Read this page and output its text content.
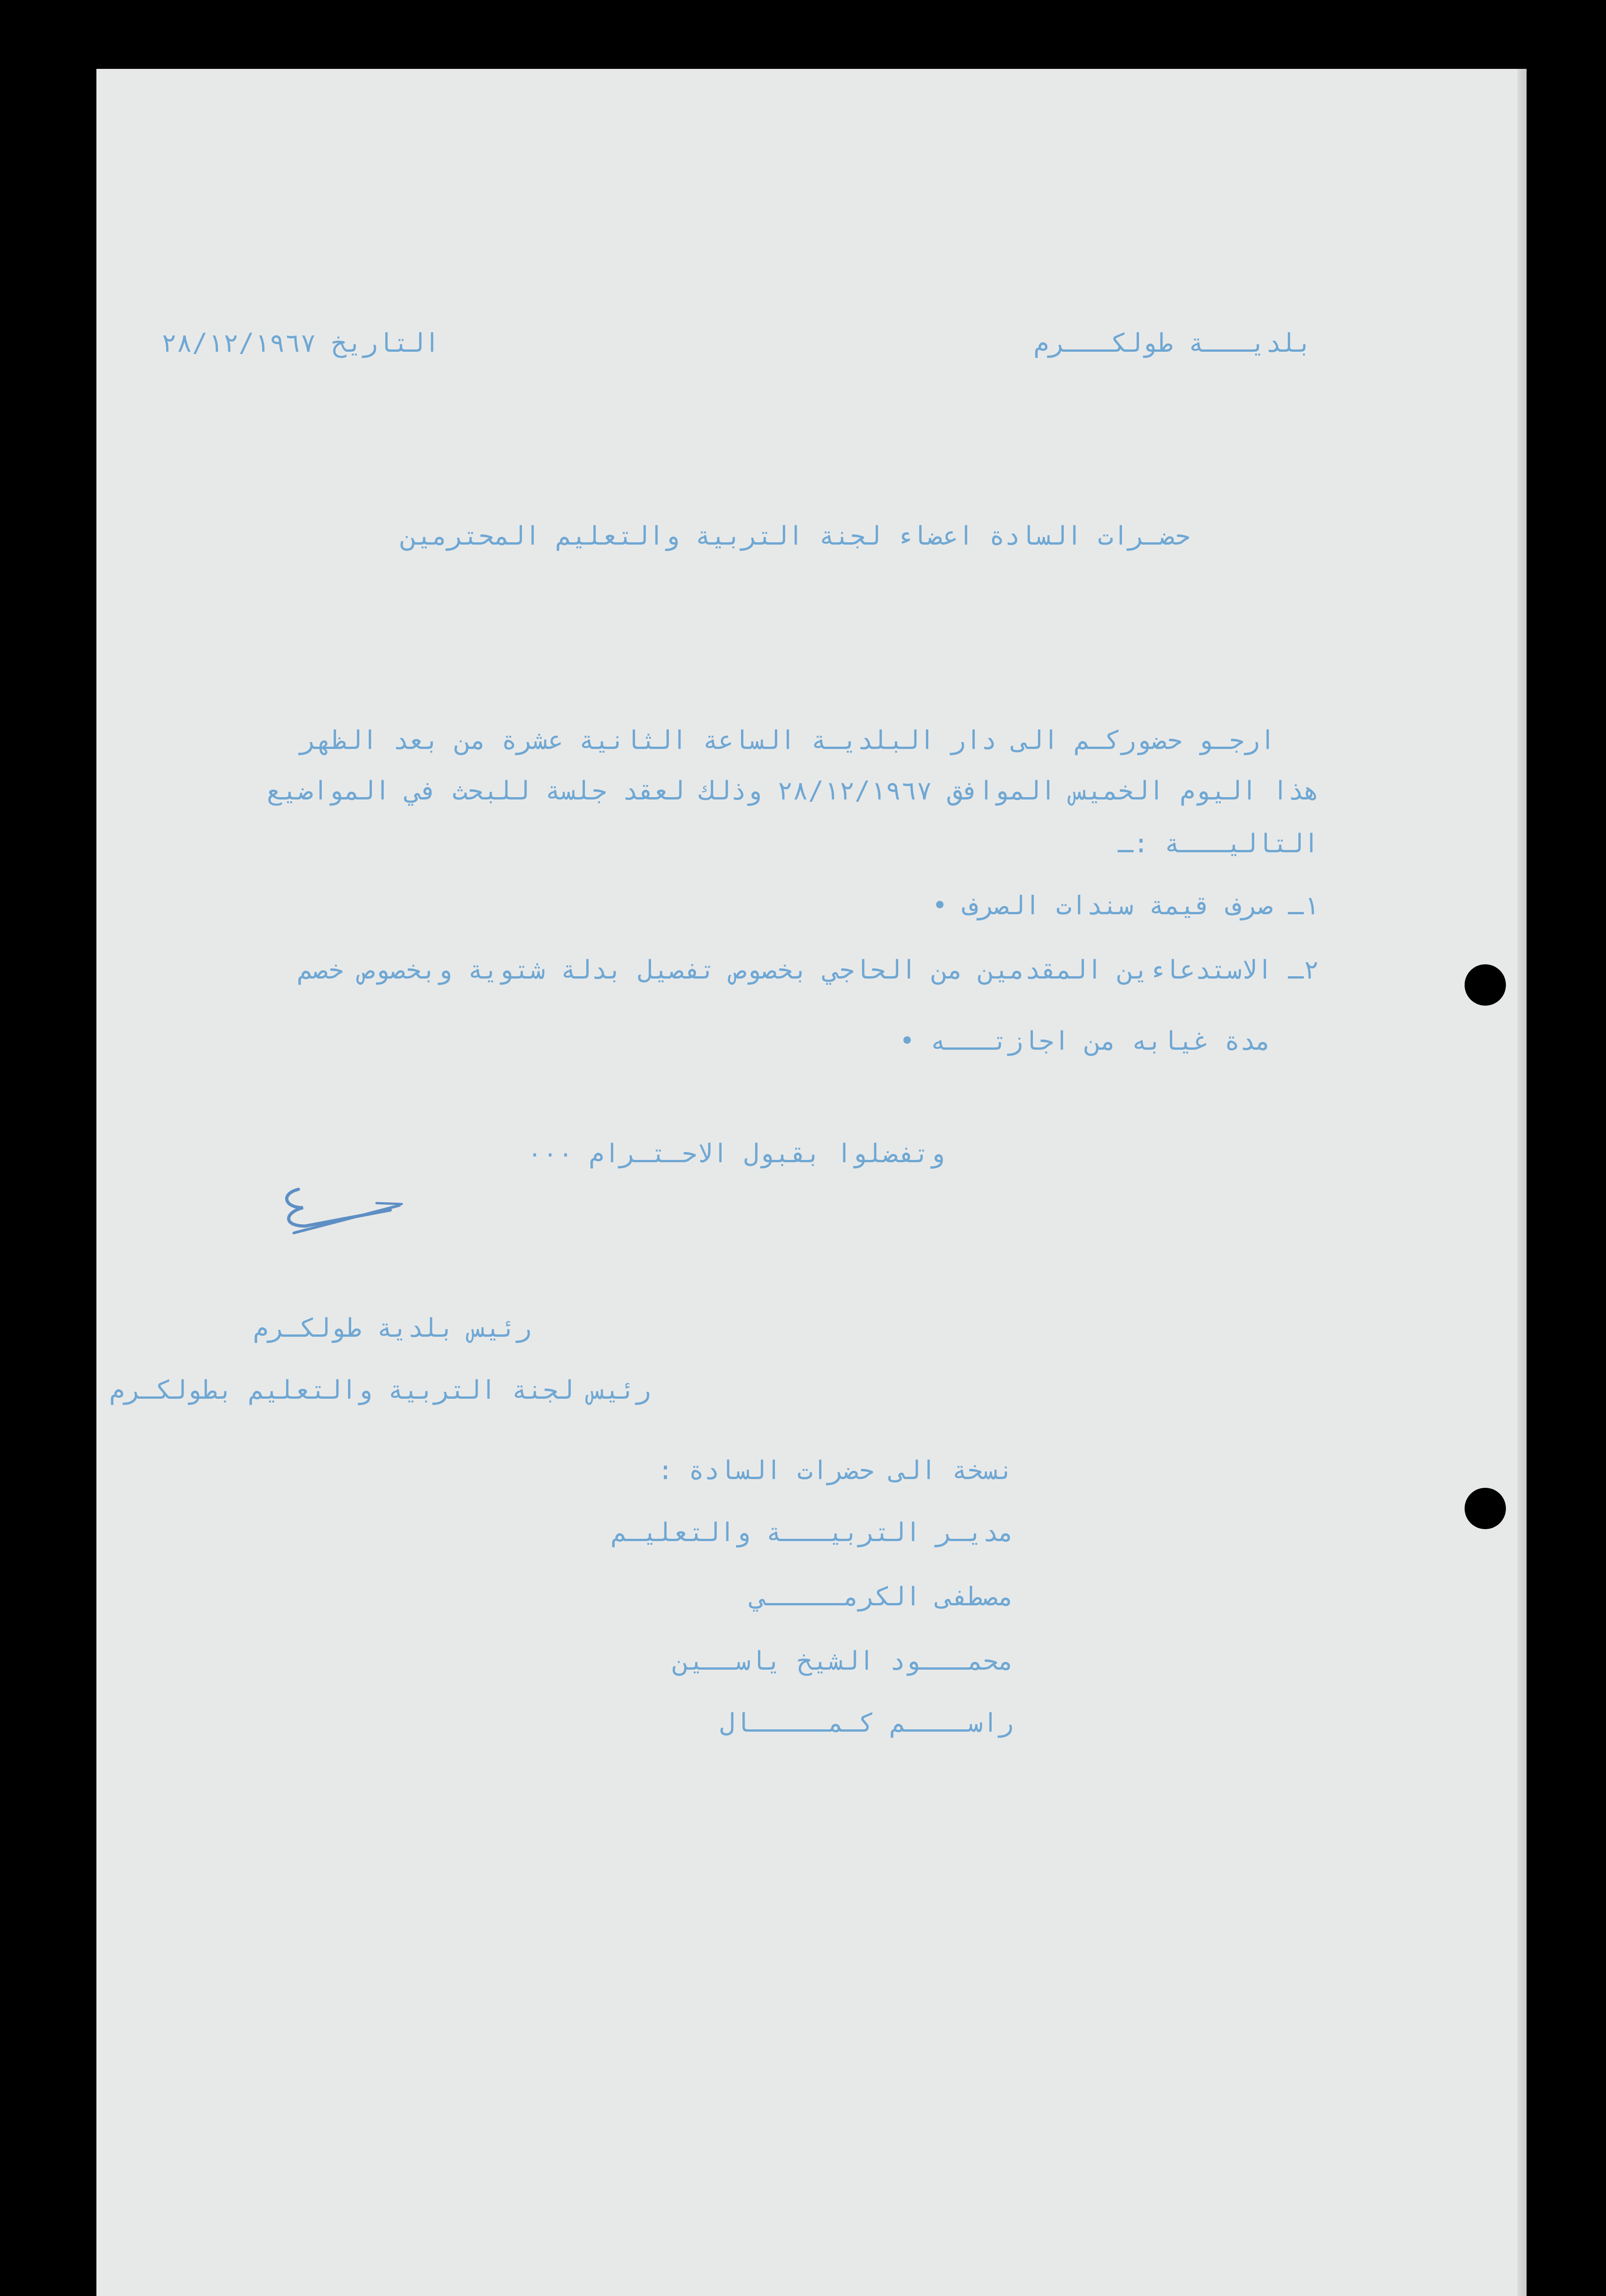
بلديـــة طولكـــرم
التاريخ ٢٨/١٢/١٩٦٧
حضـرات السادة اعضاء لجنة التربية والتعليم المحترمين
ارجـو حضوركـم الى دار البلديـة الساعة الثانية عشرة من بعد الظهر
هذا اليوم الخميس الموافق ٢٨/١٢/١٩٦٧ وذلك لعقد جلسة للبحث في المواضيع
التاليـــة :ـ
١ـ صرف قيمة سندات الصرف •
٢ـ الاستدعاءين المقدمين من الحاجي بخصوص تفصيل بدلة شتوية وبخصوص خصم
مدة غيابه من اجازتـــه •
وتفضلوا بقبول الاحـتـرام ٠٠٠
رئيس بلدية طولكـرم
رئيس لجنة التربية والتعليم بطولكـرم
نسخة الى حضرات السادة :
مديـر التربيـــة والتعليـم
مصطفى الكرمـــــي
محمـــود الشيخ ياســين
راســــم كـمـــــال
